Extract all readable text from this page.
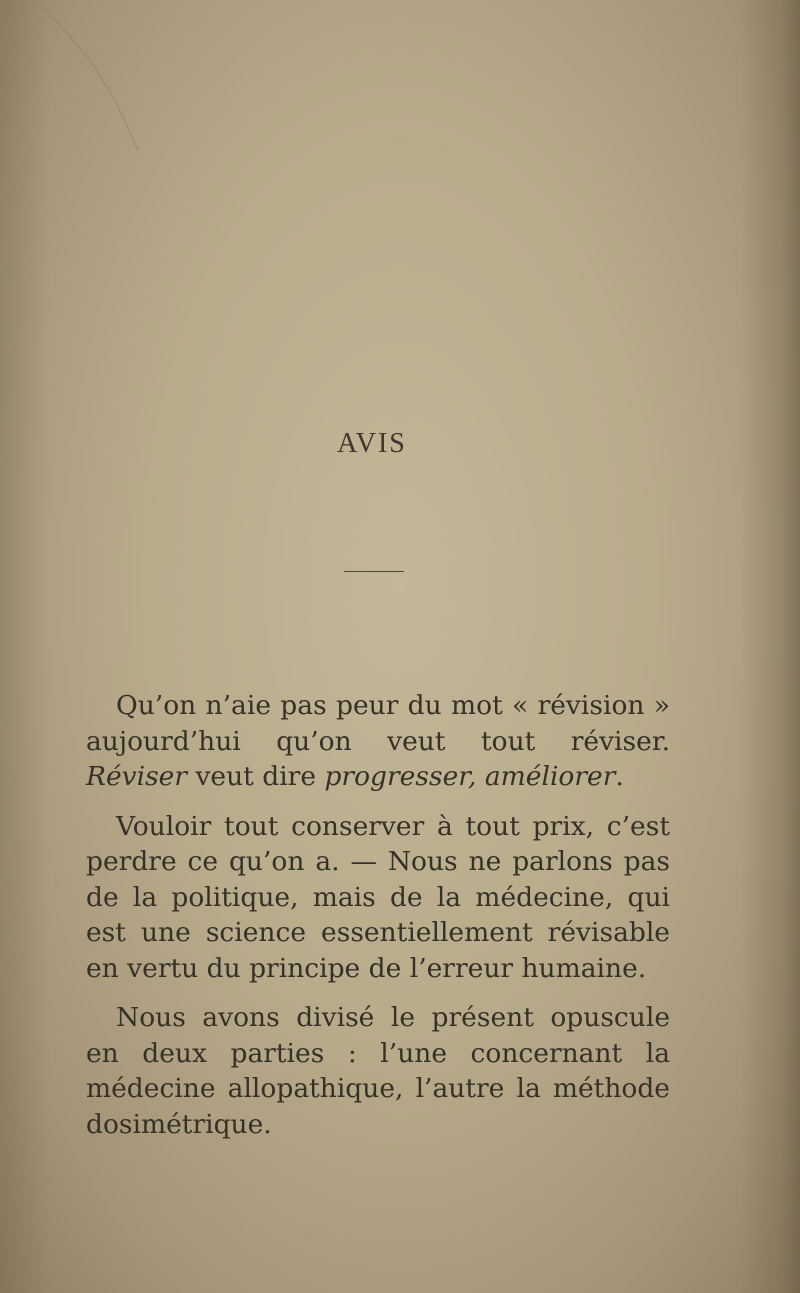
AVIS

Qu’on n’aie pas peur du mot « révision » aujourd’hui qu’on veut tout réviser. Réviser veut dire progresser, améliorer.

Vouloir tout conserver à tout prix, c’est perdre ce qu’on a. — Nous ne parlons pas de la politique, mais de la médecine, qui est une science essentiellement révisable en vertu du principe de l’erreur humaine.

Nous avons divisé le présent opuscule en deux parties : l’une concernant la médecine allopathique, l’autre la méthode dosimétrique.
